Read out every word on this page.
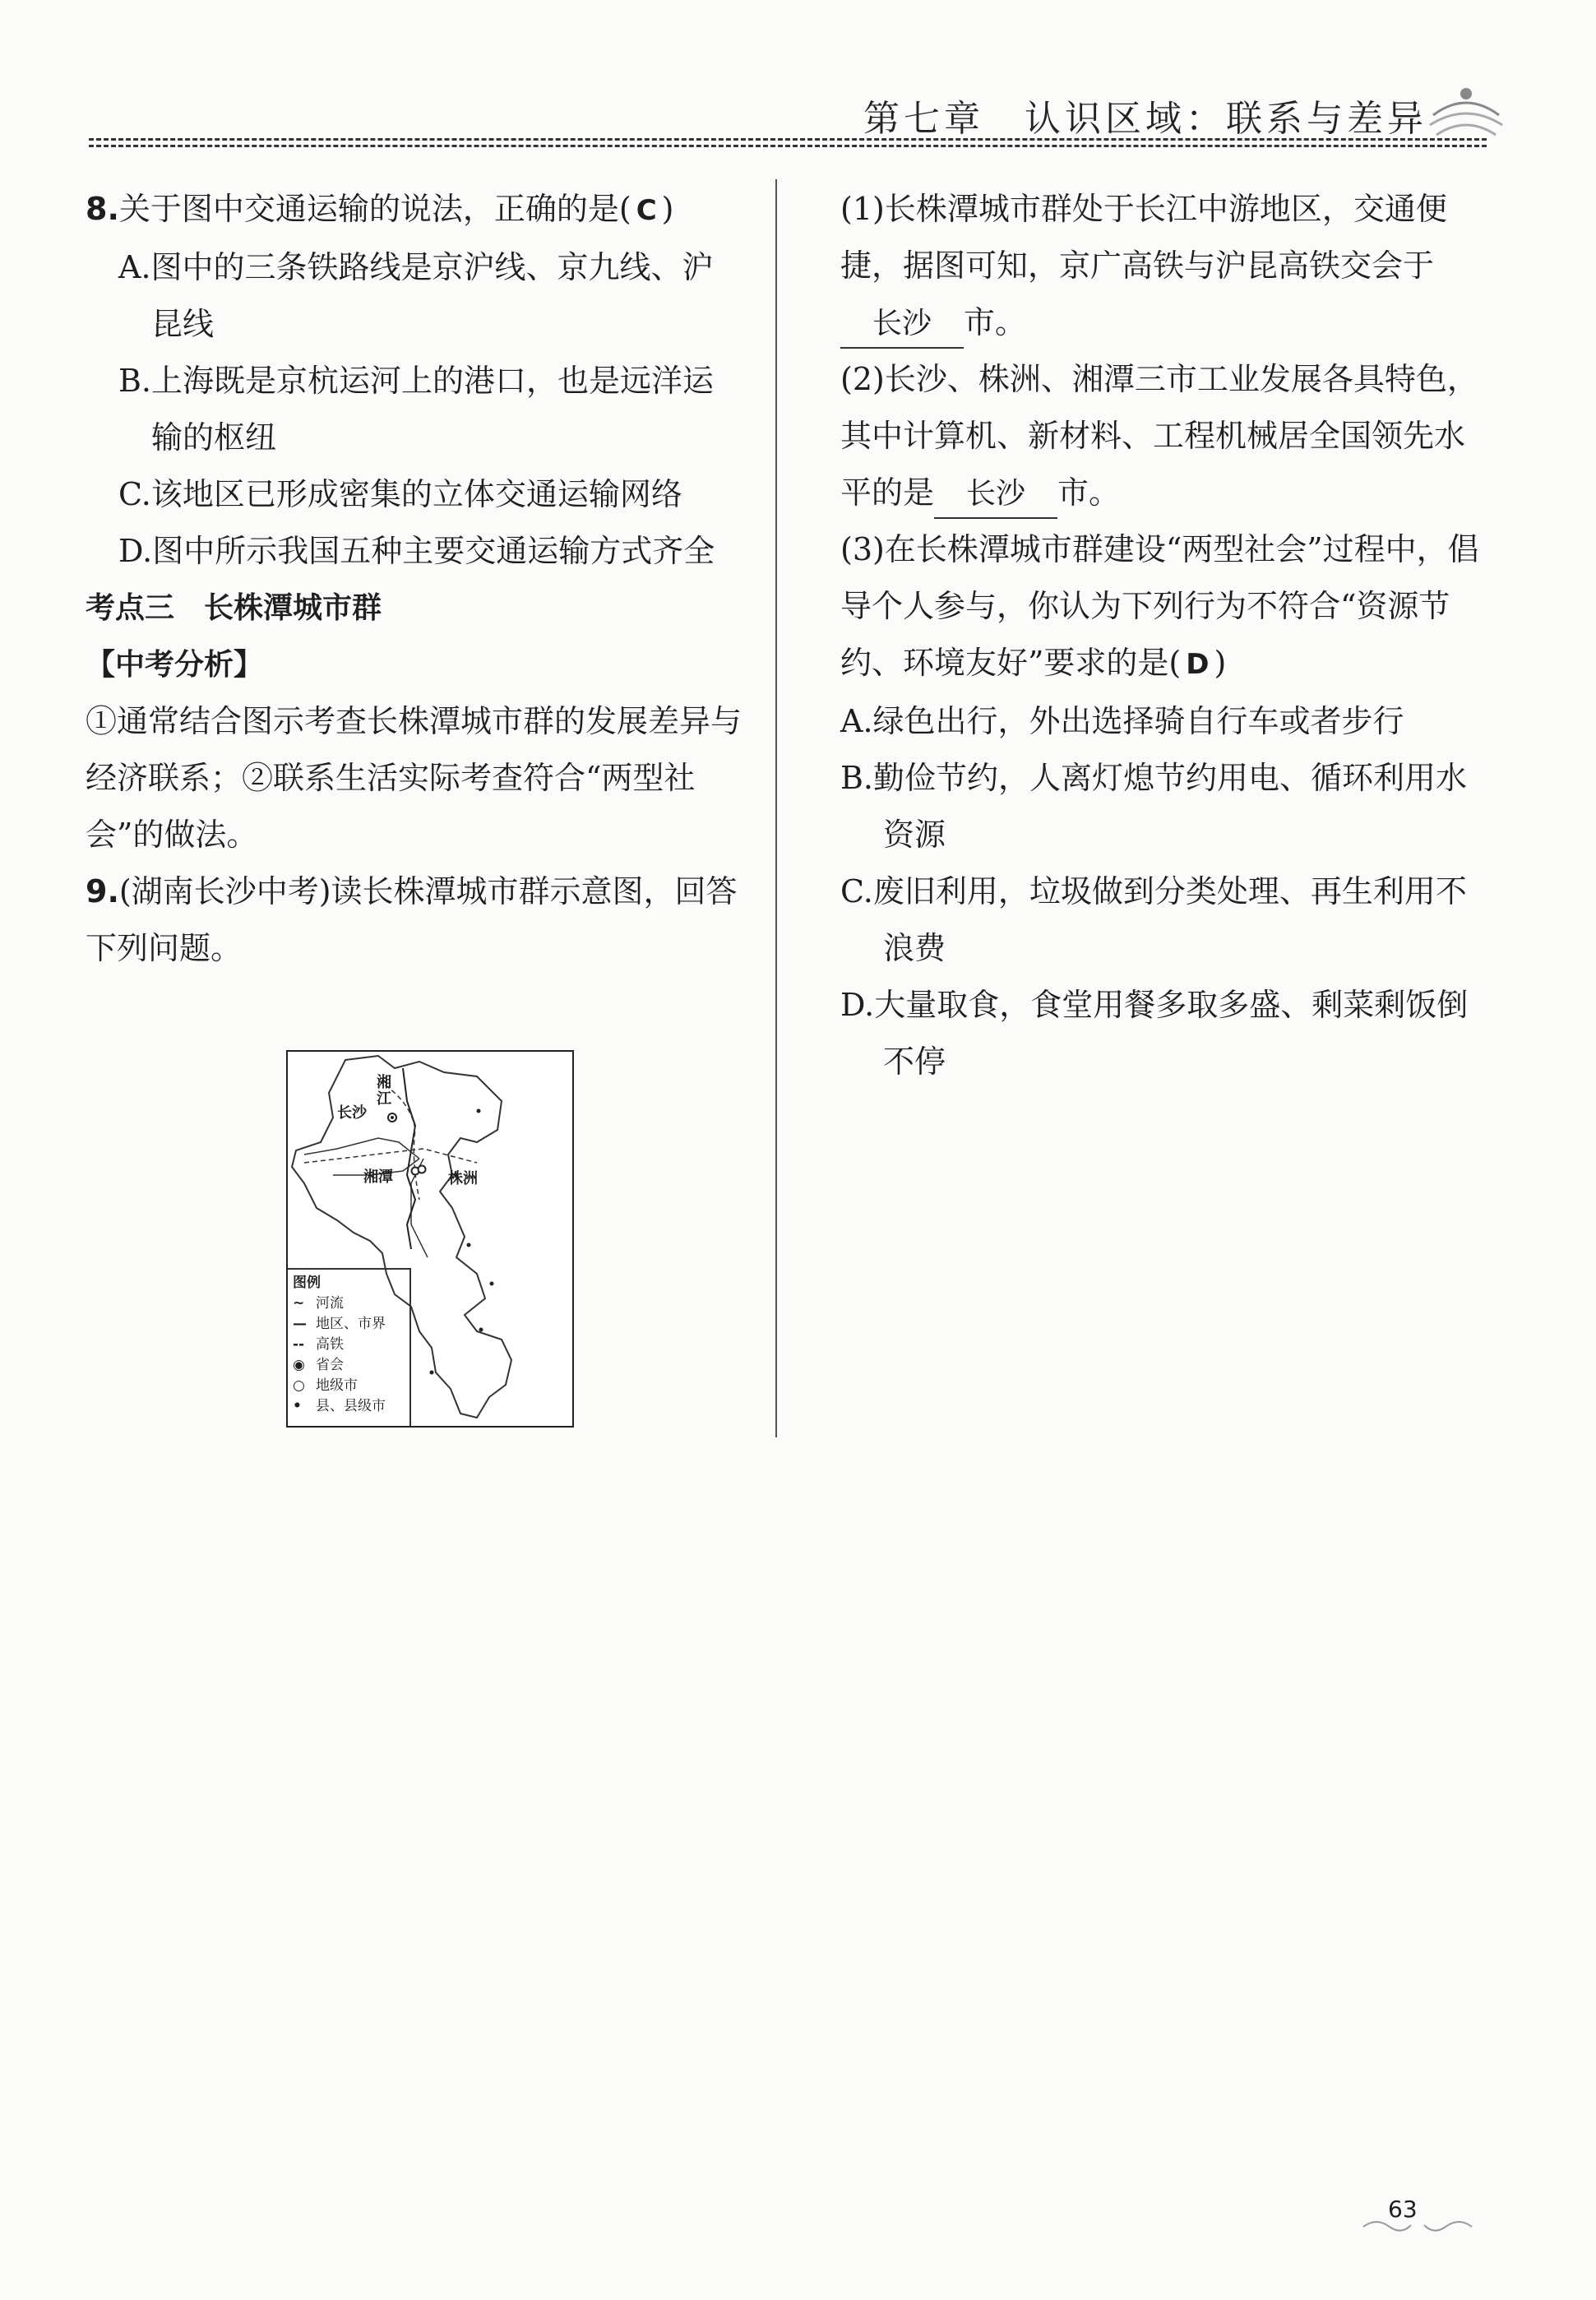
第七章　认识区域：联系与差异
8.关于图中交通运输的说法，正确的是( C )
A.图中的三条铁路线是京沪线、京九线、沪昆线
B.上海既是京杭运河上的港口，也是远洋运输的枢纽
C.该地区已形成密集的立体交通运输网络
D.图中所示我国五种主要交通运输方式齐全
考点三　长株潭城市群
【中考分析】
①通常结合图示考查长株潭城市群的发展差异与经济联系；②联系生活实际考查符合“两型社会”的做法。
9.(湖南长沙中考)读长株潭城市群示意图，回答下列问题。
湘江
长沙
湘潭	株洲
图例
~ 河流
— 地区、市界
-- 高铁
◉ 省会
○ 地级市
• 县、县级市
(1)长株潭城市群处于长江中游地区，交通便捷，据图可知，京广高铁与沪昆高铁交会于长沙 市。
(2)长沙、株洲、湘潭三市工业发展各具特色，其中计算机、新材料、工程机械居全国领先水平的是 长沙 市。
(3)在长株潭城市群建设“两型社会”过程中，倡导个人参与，你认为下列行为不符合“资源节约、环境友好”要求的是( D )
A.绿色出行，外出选择骑自行车或者步行
B.勤俭节约，人离灯熄节约用电、循环利用水资源
C.废旧利用，垃圾做到分类处理、再生利用不浪费
D.大量取食，食堂用餐多取多盛、剩菜剩饭倒不停
63
